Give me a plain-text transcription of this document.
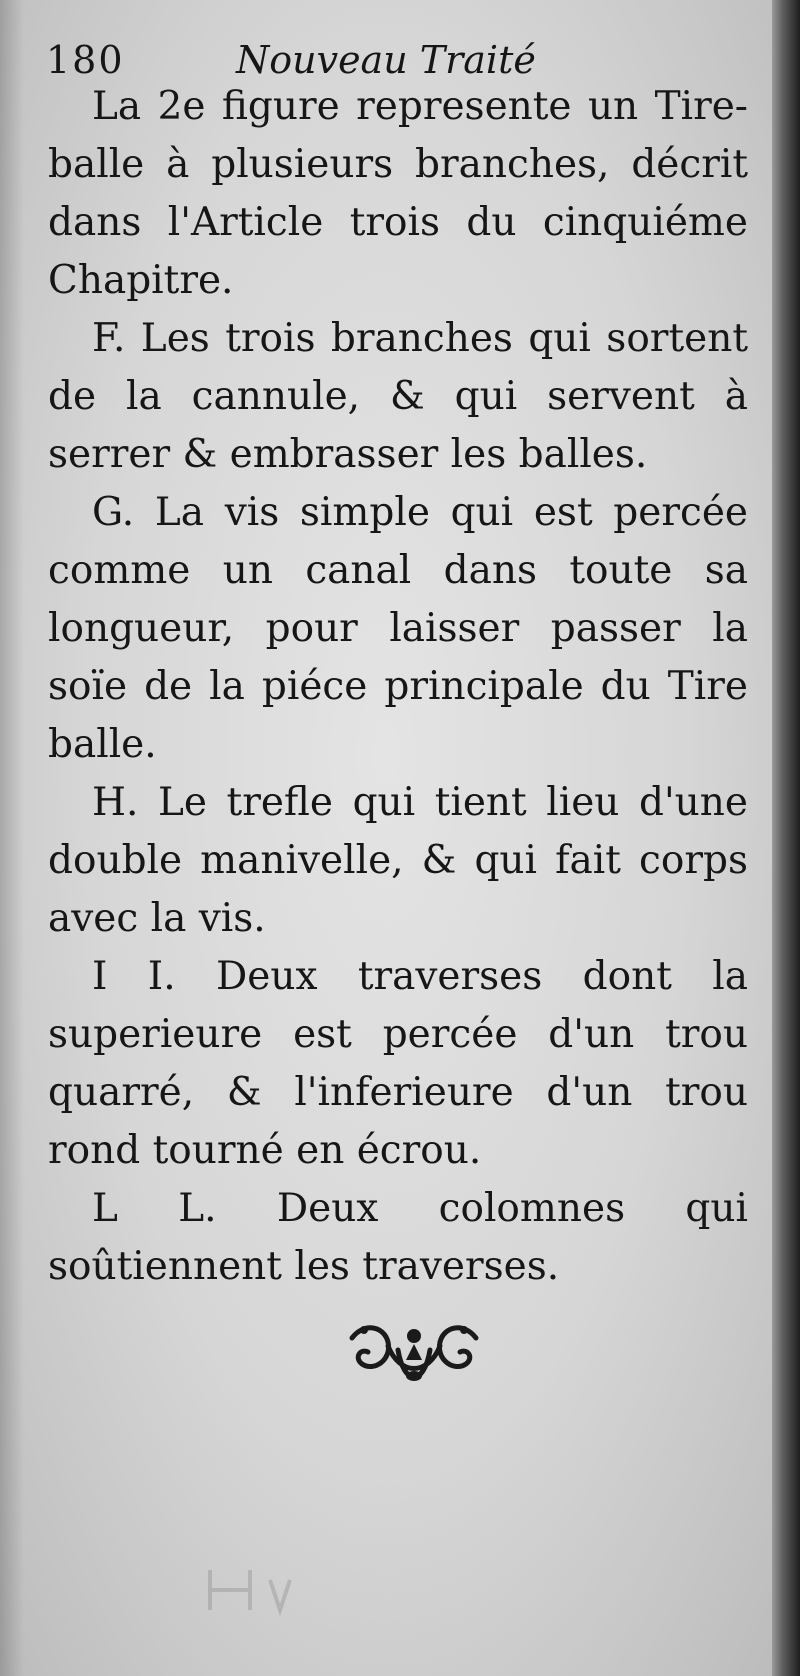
180	Nouveau Traité

La 2e figure represente un Tire-balle à plusieurs branches, décrit dans l'Article trois du cinquiéme Chapitre.

F. Les trois branches qui sortent de la cannule, & qui servent à serrer & embrasser les balles.

G. La vis simple qui est percée comme un canal dans toute sa longueur, pour laisser passer la soïe de la piéce principale du Tire balle.

H. Le trefle qui tient lieu d'une double manivelle, & qui fait corps avec la vis.

I I. Deux traverses dont la superieure est percée d'un trou quarré, & l'inferieure d'un trou rond tourné en écrou.

L L. Deux colomnes qui soûtiennent les traverses.
